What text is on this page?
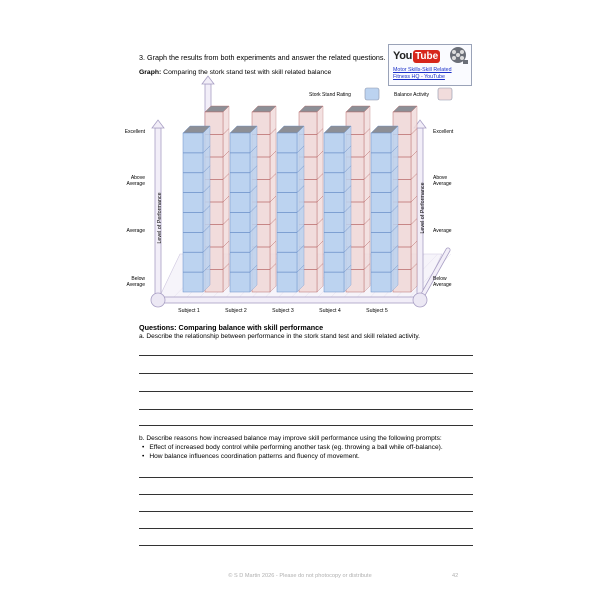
3. Graph the results from both experiments and answer the related questions.
Graph: Comparing the stork stand test with skill related balance
You Tube
Motor Skills-Skill Related
Fitness HQ - YouTube
Subject 1	Subject 2	Subject 3	Subject 4	Subject 5
Below	Below
Average	Average
Average	Average
Above	Above
Average	Average
Excellent	Excellent
Level of Performance	Level of Performance
Stork Stand Rating	Balance Activity
Questions: Comparing balance with skill performance
a. Describe the relationship between performance in the stork stand test and skill related activity.
b. Describe reasons how increased balance may improve skill performance using the following prompts:
• Effect of increased body control while performing another task (eg. throwing a ball while off-balance).
• How balance influences coordination patterns and fluency of movement.
© S D Martin 2026 - Please do not photocopy or distribute	42
